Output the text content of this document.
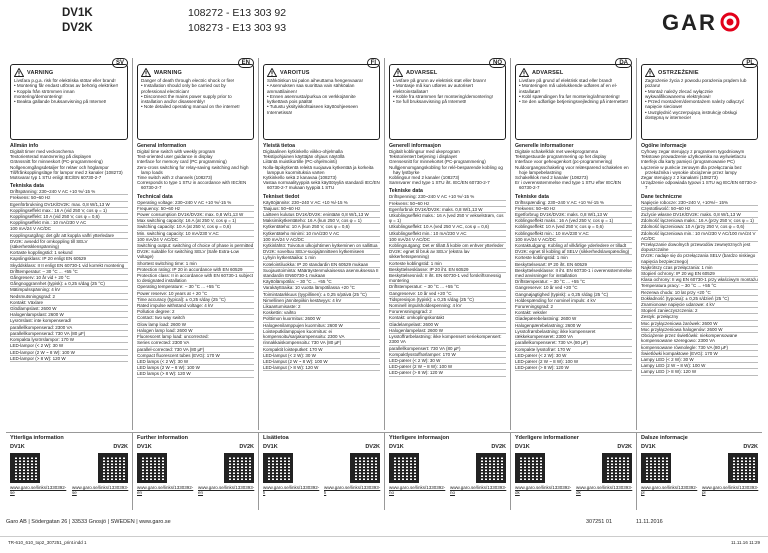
DV1K
DV2K
108272 - E13 303 92
108273 - E13 303 93	GAR
SV
VARNING
Livsfara p.g.a. risk för elektriska stötar eller brand!
• Montering får endast utföras av behörig elektriker!
• Koppla från strömmen innan montering/demontering!
• Beakta gällande bruksanvisning på Internet!
Allmän info
Digitalt timer med veckoschema
Textorienterad manövrering på displayen
Gränssnitt för minneskort (PC-programmering)
Nollgenomgångsdetaljer för reläer och höglampor
Till/frånkopplingsläge för lampor med 2 kanaler (108273)
Motsvarar typ 1 STU enligt IEC/EN 60730-2-7
Tekniska data
Driftspänning: 230~240 V AC +10 %/-15 %
Frekvens: 50~60 Hz
Egenförbrukning DV1K/DV2K: max. 0,8 W/1,13 W
Kopplingseffekt max.: 16 A (vid 250 V, cos φ = 1)
Kopplingseffekt: 10 A (vid 250 V, cos φ = 0,6)
Kopplingseffekt min.: 10 mA/230 V AC
100 mA/24 V AC/DC
Kopplingsutgång: det går att koppla valfri ytterledare
DV2K: avsedd för omkoppling till SELV (säkerhetsklenspänning)
Kortaste kopplingstid: 1 sekund
Kapslingsklass: IP 20 enligt EN 60529
Skyddsklass: II II enligt EN 60730-1 vid korrekt montering
Drifttemperatur: – 30 °C ... +55 °C
Gångreserv: 10 år vid + 20 °C
Gångnoggrannhet (typisk): ± 0,25 s/dag (25 °C)
Mätimpulsspänning: 4 kV
Nedsmutsningsgrad: 2
Kontakt: Växlare
Glödlampslast: 2600 W
Halogenlampslast: 2600 W
Lysrörslast: inte kompenserad/
parallellkompenserad: 2300 VA
parallellkompenserad: 730 VA (80 µF)
Kompakta lysrörslampor: 170 W
LED-lampor (< 2 W): 30 W
LED-lampor (2 W ~ 8 W): 100 W
LED-lampor (> 8 W): 120 W
EN
WARNING
Danger of death through electric shock or fire!
• Installation should only be carried out by professional electrician!
• Disconnect the mains power supply prior to installation and/or disassembly!
• Note detailed operating manual on the internet!
General information
Digital time switch with weekly program
Text-oriented user guidance in display
Interface for memory card (PC programming)
Zero-cross switching for relay-saving switching and high lamp loads
Time switch with 2 channels (108273)
Corresponds to type 1 STU in accordance with IEC/EN 60730-2-7
Technical data
Operating voltage: 230~240 V AC +10 %/-15 %
Frequency: 50~60 Hz
Power consumption DV1K/DV2K: max. 0,8 W/1,13 W
Max switching capacity: 16 A (at 250 V, cos φ = 1)
Switching capacity: 10 A (at 250 V, cos φ = 0,6)
Min. switching capacity: 10 mA/230 V AC
100 mA/24 V AC/DC
Switching output: switching of choice of phase is permitted
DV2K: suitable for switching SELV (Safe Extra-Low Voltage)
Shortest switching time: 1 min
Protection rating: IP 20 in accordance with EN 60529
Protection class: II in accordance with EN 60730-1 subject to designated installation
Operating temperature: − 30 °C ... +55 °C
Power reserve: 10 years at + 20 °C
Time accuracy (typical): ± 0,25 s/day (25 °C)
Rated impulse withstand voltage: 4 kV
Pollution degree: 2
Contact: two way switch
Glow lamp load: 2600 W
Halogen lamp load: 2600 W
Fluorescent lamp load: uncorrected:
Series corrected: 2300 VA
parallel-corrected: 730 VA (80 µF)
Compact fluorescent tubes (EVG): 170 W
LED lamps (< 2 W): 30 W
LED lamps (2 W ~ 8 W): 100 W
LED lamps (> 8 W): 120 W
FI
VAROITUS
Sähköiskun tai palon aiheuttama hengenvaara!
• Asennuksen saa suorittaa vain sähköalan ammattilainen!
• Ennen asennusta/purkua on verkkojännite kytkettävä pois päältä!
• Tutustu yksityiskohtaiseen käyttöohjeeseen Internetissä!
Yleistä tietoa
Digitaalinen kytkinkello viikko-ohjelmalla
Tekstipohjainen käyttäjän ohjaus näytöllä
Liitäntä muistikortille (PC-ohjelmointi)
Nolla-läpikytkentä releitä suojaava kytkentää ja korkeita lamppun kuormituksia varten
Kytkinkello sekä 2 kanavaa (108273)
Vastaa normaalityyppiä sekä käyttötyyliä standardi IEC/EN 60730-2-7 mukaan tyyppiä 1 STU
Tekniset tiedot
Käyttöjännite: 230~240 V AC +10 %/-15 %
Taajuus: 50~60 Hz
Laitteen kulutus DV1K/DV2K: enintään 0,8 W/1,13 W
Maksimikytkentäteho: 16 A (kun 250 V, cos φ = 1)
Kytkentäteho: 10 A (kun 250 V, cos φ = 0,6)
Kytkentäteho minimi: 10 mA/230 V AC
100 mA/24 V AC/DC
Kytkinlähtö: Toivotun ulkojohtimen kytkeminen on sallittua
DV2K: soveltuu SELV-suojajännitteen kytkemiseen
Lyhyin kytkentäaika: 1 min
Kotelointiluokka: IP 20 standardin EN 60529 mukaan
Suojaustoiminta: Määräystenmukaisessa asennuksessa II standardin EN60730-1 mukaan
Käyttölämpötila: − 30 °C ... +55 °C
Varakäyttöaika: 10 vuotta lämpötilassa +20 °C
Toimintatarkkuus (tyypillinen): ± 0,25 s/päivä (25 °C)
Nimellinen jännitepiikin kestävyys: 4 kV
Likaantumisaste: 2
Koskettin: vaihto
Polttimon kuormitus: 2600 W
Halogeenilamppujen kuormitus: 2600 W
Loisteputkilamppujen kuormitus: ei kompensoitu/sarjakompensoitu: 2300 VA
rinnakkaiskompensoitu: 730 VA (80 µF)
Kompaktit loisteputket: 170 W
LED-lamput (< 2 W): 30 W
LED-lamput (2 W ~ 8 W): 100 W
LED-lamput (> 8 W): 120 W
NO
ADVARSEL
Livsfare på grunn av elektrisk støt eller brann!
• Montasje må kun utføres av autorisert elektroinstallatør!
• Koble fra strømmen før montering/demontering!
• Se full bruksanvisning på Internett!
Generell informasjon
Digitalt koblingsur med ukeprogram
Tekstorientert betjening i displayet
Grensesnitt for minnekortet (PC-programmering)
Nullgjennomgangskobling for relé-besparende kobling og høy lystbyrke
Koblingsur med 2 kanaler (108273)
Samsvarer med type 1 STU iht. IEC/EN 60730-2-7
Tekniske data
Driftspenning: 230~240 V AC +10 %/-15 %
Frekvens: 50~60 Hz
Egenforbruk DV1K/DV2K: maks. 0,8 W/1,13 W
Utkoblingseffekt maks.: 16 A (ved 250 V vekselstrøm, cos φ = 1)
Utkoblingseffekt: 10 A (ved 250 V AC, cos φ = 0,6)
Utkoblingseffekt min.: 10 mA/230 V AC
100 mA/24 V AC/DC
Koblingsutgang: Det er tillatt å koble om enhver ytterleder
DV2K: egnet til bruk av SELV (ekstra lav sikkerhetsspenning)
Korteste koblingstid: 1 min
Beskyttelsesklasse: IP 20 iht. EN 60529
Beskyttelsesnivå: II iht. EN 60730-1 ved forskriftsmessig montering
Driftstemperatur: − 30 °C ... +55 °C
Gangreserve: 10 år ved +20 °C
Tidspresisjon (typisk): ± 0,25 s/dag (25 °C)
Nominell impulsholdespenning: 4 kV
Forurensningsgrad: 2
Kontakt: omkoplingskontakt
Glødelampelast: 2600 W
Halogenlampelast: 2600 W
Lysstoffrørbelastning: ikke kompensert seriekompensert: 2300 VA
parallellkompensert: 730 VA (80 µF)
Kompaktlysstoffrørlamper: 170 W
LED-pærer (< 2 W): 30 W
LED-pærer (2 W ~ 8 W): 100 W
LED-pærer (> 8 W): 120 W
DA
ADVARSEL
Livsfare på grund af elektrisk stød eller brand!
• Monteringen må udelukkende udføres af en el-installatør!
• Kobl spændingen fra før montering/afmontering!
• Se den udførlige betjeningsvejledning på internettet!
Generelle informationer
Digitale schakelklok met weekprogramma
Tekstgestuurde programmering op het display
Interface voor geheugenkort (pc-programmering)
Nuldoorgangsschakeling voor relæsparend schakelen en hoje lampebelastning
Schakelklok med 2 kanaler (108273)
Er i overensstemmelse med type 1 STU efter IEC/EN 60730-2-7
Tekniske data
Driftsspænding: 230~240 V AC +10 %/-15 %
Frekvens: 50~60 Hz
Egetforbrug DV1K/DV2K: maks. 0,8 W/1,13 W
Koblingseffekt maks.: 16 A (ved 250 V, cos φ = 1)
Koblingseffekt: 10 A (ved 250 V, cos φ = 0,6)
Koblingseffekt min.: 10 mA/230 V AC
100 mA/24 V AC/DC
Kontaktudgang: Kobling af vilkårlige yderledere er tilladt
DV2K: egnet til kobling af SELV (sikkerhedslavspænding)
Korteste koblingstid: 1 min
Beskyttelsesart: IP 20 iht. EN 60529
Beskyttelsesklasse: II iht. EN 60730-1 i overensstemmelse med anvisninger for installation
Driftstemperatur: − 30 °C ... +55 °C
Gangreserve: 10 år ved +20 °C
Gangnøjagtighed (typisk): ± 0,25 s/dag (25 °C)
Holdespænding for nominel impuls: 4 kV
Forureningsgrad: 2
Kontakt: veksler
Glødepærebelastning: 2600 W
Halogenpærebelastning: 2600 W
Lysstofrørsbelastning: ikke kompenseret rækkekompenseret: 2300 VA
parallelkompenseret: 730 VA (80 µF)
Kompakte lysstofrør: 170 W
LED-pærer (< 2 W): 30 W
LED-pærer (2 W ~ 8 W): 100 W
LED-pærer (> 8 W): 120 W
PL
OSTRZEŻENIE
Zagrożenie życia z powodu porażenia prądem lub pożaru!
• Montaż należy zlecać wyłącznie wykwalifikowanemu elektrykowi!
• Przed montażem/demontażem należy odłączyć napięcie sieciowe!
• Uwzględnić wyczerpującą instrukcję obsługi dostępną w internecie!
Ogólne informacje
Cyfrowy zegar sterujący z programem tygodniowym
Tekstowe prowadzenie użytkownika na wyświetlaczu
Interfejs dla karty pamięci (programowanie PC)
Łączenie w punkcie zerowym dla przełączania bez przekaźnika i wysokie obciążenie przez lampy
Zegar sterujący z 2 kanałami (108273)
Urządzenie odpowiada typowi 1 STU wg IEC/EN 60730-2-7
Dane techniczne
Napięcie robocze: 230~240 V, +10%/− 15%
Częstotliwość: 50~60 Hz
Zużycie własne DV1K/DV2K: maks. 0,8 W/1,13 W
Zdolność łączeniowa maks.: 16 A (przy 250 V, cos φ = 1)
Zdolność łączeniowa: 10 A (przy 250 V, cos φ = 0,6)
Zdolność łączeniowa min.: 10 mA/230 V AC/100 mA/24 V AC/DC
Przełączanie dowolnych przewodów zewnętrznych jest dopuszczalne
DV2K: nadaje się do przełączania SELV (bardzo niskiego napięcia bezpiecznego)
Najkrótszy czas przełączania: 1 min
Stopień ochrony: IP 20 wg EN 60529
Klasa ochrony: II wg EN 60730-1 przy właściwym montażu
Temperatura pracy: − 30 °C ... +55 °C
Rezerwa chodu: 10 lat przy +20 °C
Dokładność (typowa): ± 0,25 s/dzień (25 °C)
Znamionowe napięcie udarowe: 4 kV
Stopień zanieczyszczenia: 2
Zestyk: przełączny
Moc przyłączeniowa żarówek: 2600 W
Moc przyłączeniowa halogenów: 2600 W
Obciążenie przez świetlówki: niekompensowane kompensowane szeregowo: 2300 VA
kompensowane równolegle: 730 VA (80 µF)
Świetlówki kompaktowe (EVG): 170 W
Lampy LED (< 2 W): 30 W
Lampy LED (2 W ~ 8 W): 100 W
Lampy LED (> 8 W): 120 W
Ytterliga information
DV1K	DV2K
www.garo.se/links/1330392-se
www.garo.se/links/1330393-se
Further information
DV1K	DV2K
www.garo.se/links/1330392-en
www.garo.se/links/1330393-en
Lisätietoa
DV1K	DV2K
www.garo.se/links/1330392-fi
www.garo.se/links/1330393-fi
Ytterligere informasjon
DV1K	DV2K
www.garo.se/links/1330392-no
www.garo.se/links/1330393-no
Yderligere informationer
DV1K	DV2K
www.garo.se/links/1330392-dk
www.garo.se/links/1330393-dk
Dalsze informacje
DV1K	DV2K
www.garo.se/links/1330392-pl
www.garo.se/links/1330393-pl
Garo AB | Södergatan 26 | 33533 Gnosjö | SWEDEN | www.garo.se	307251 01	11.11.2016
TR-610_610_top2_307251_print.indd 1	11.11.16 11:29
